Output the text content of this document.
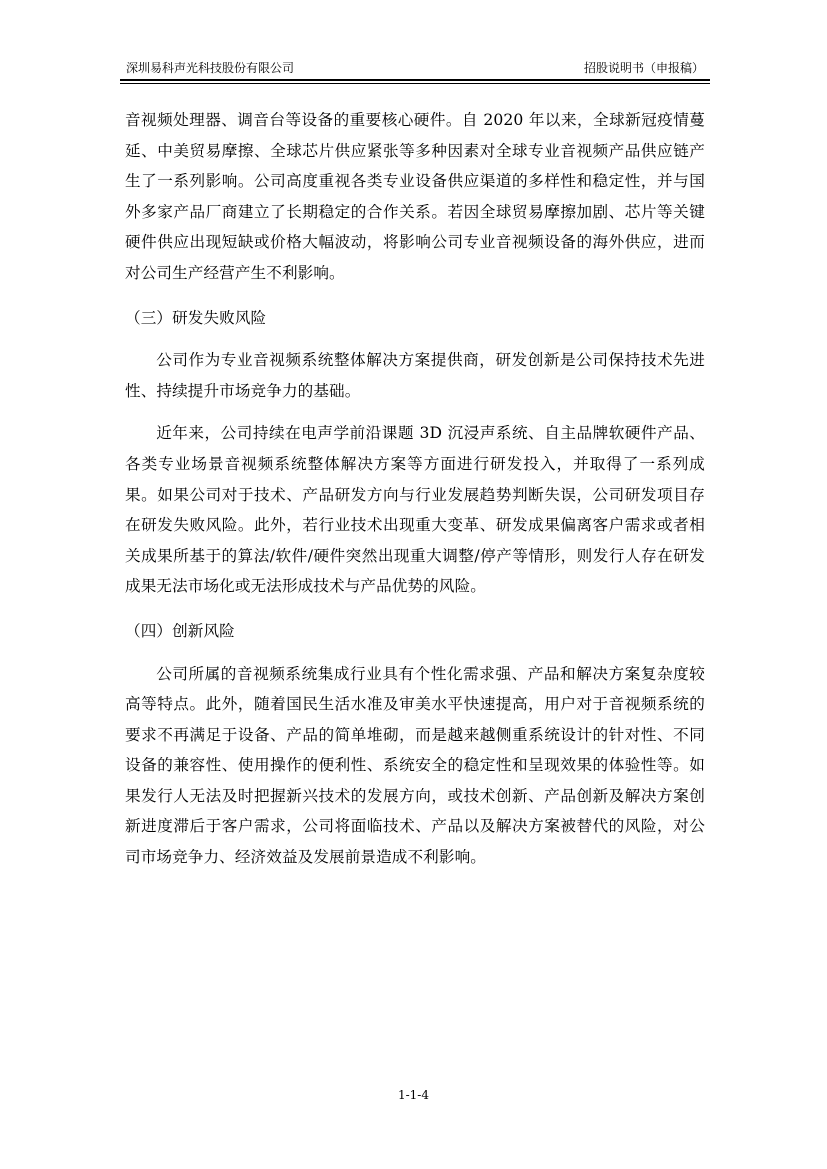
深圳易科声光科技股份有限公司	招股说明书（申报稿）

音视频处理器、调音台等设备的重要核心硬件。自 2020 年以来，全球新冠疫情蔓延、中美贸易摩擦、全球芯片供应紧张等多种因素对全球专业音视频产品供应链产生了一系列影响。公司高度重视各类专业设备供应渠道的多样性和稳定性，并与国外多家产品厂商建立了长期稳定的合作关系。若因全球贸易摩擦加剧、芯片等关键硬件供应出现短缺或价格大幅波动，将影响公司专业音视频设备的海外供应，进而对公司生产经营产生不利影响。

（三）研发失败风险

公司作为专业音视频系统整体解决方案提供商，研发创新是公司保持技术先进性、持续提升市场竞争力的基础。

近年来，公司持续在电声学前沿课题 3D 沉浸声系统、自主品牌软硬件产品、各类专业场景音视频系统整体解决方案等方面进行研发投入，并取得了一系列成果。如果公司对于技术、产品研发方向与行业发展趋势判断失误，公司研发项目存在研发失败风险。此外，若行业技术出现重大变革、研发成果偏离客户需求或者相关成果所基于的算法/软件/硬件突然出现重大调整/停产等情形，则发行人存在研发成果无法市场化或无法形成技术与产品优势的风险。

（四）创新风险

公司所属的音视频系统集成行业具有个性化需求强、产品和解决方案复杂度较高等特点。此外，随着国民生活水准及审美水平快速提高，用户对于音视频系统的要求不再满足于设备、产品的简单堆砌，而是越来越侧重系统设计的针对性、不同设备的兼容性、使用操作的便利性、系统安全的稳定性和呈现效果的体验性等。如果发行人无法及时把握新兴技术的发展方向，或技术创新、产品创新及解决方案创新进度滞后于客户需求，公司将面临技术、产品以及解决方案被替代的风险，对公司市场竞争力、经济效益及发展前景造成不利影响。

1-1-4
